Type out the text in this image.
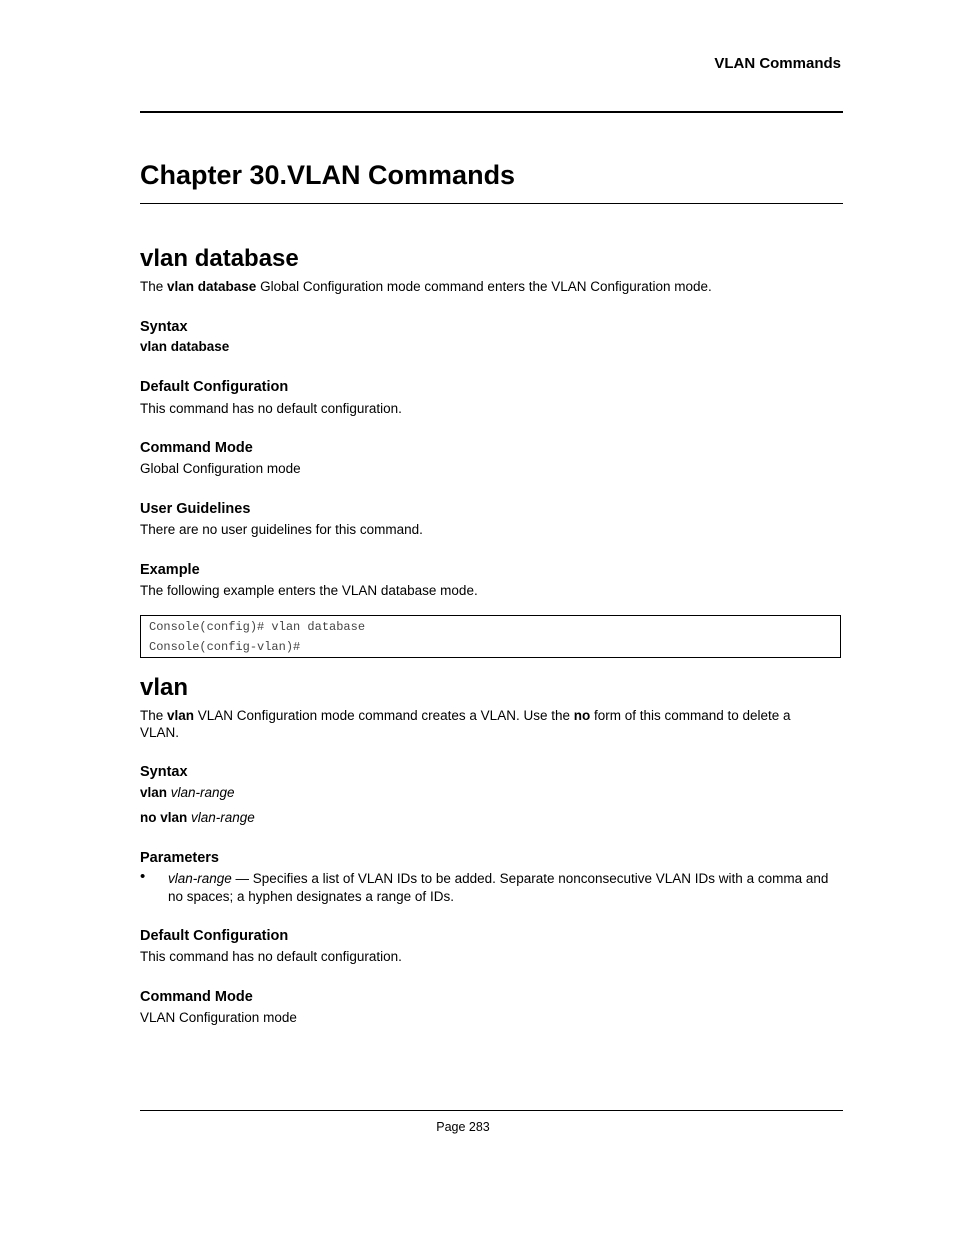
VLAN Commands
Chapter 30.VLAN Commands
vlan database
The vlan database Global Configuration mode command enters the VLAN Configuration mode.
Syntax
vlan database
Default Configuration
This command has no default configuration.
Command Mode
Global Configuration mode
User Guidelines
There are no user guidelines for this command.
Example
The following example enters the VLAN database mode.
Console(config)# vlan database
Console(config-vlan)#
vlan
The vlan VLAN Configuration mode command creates a VLAN. Use the no form of this command to delete a VLAN.
Syntax
vlan vlan-range
no vlan vlan-range
Parameters
• vlan-range — Specifies a list of VLAN IDs to be added. Separate nonconsecutive VLAN IDs with a comma and no spaces; a hyphen designates a range of IDs.
Default Configuration
This command has no default configuration.
Command Mode
VLAN Configuration mode
Page 283
